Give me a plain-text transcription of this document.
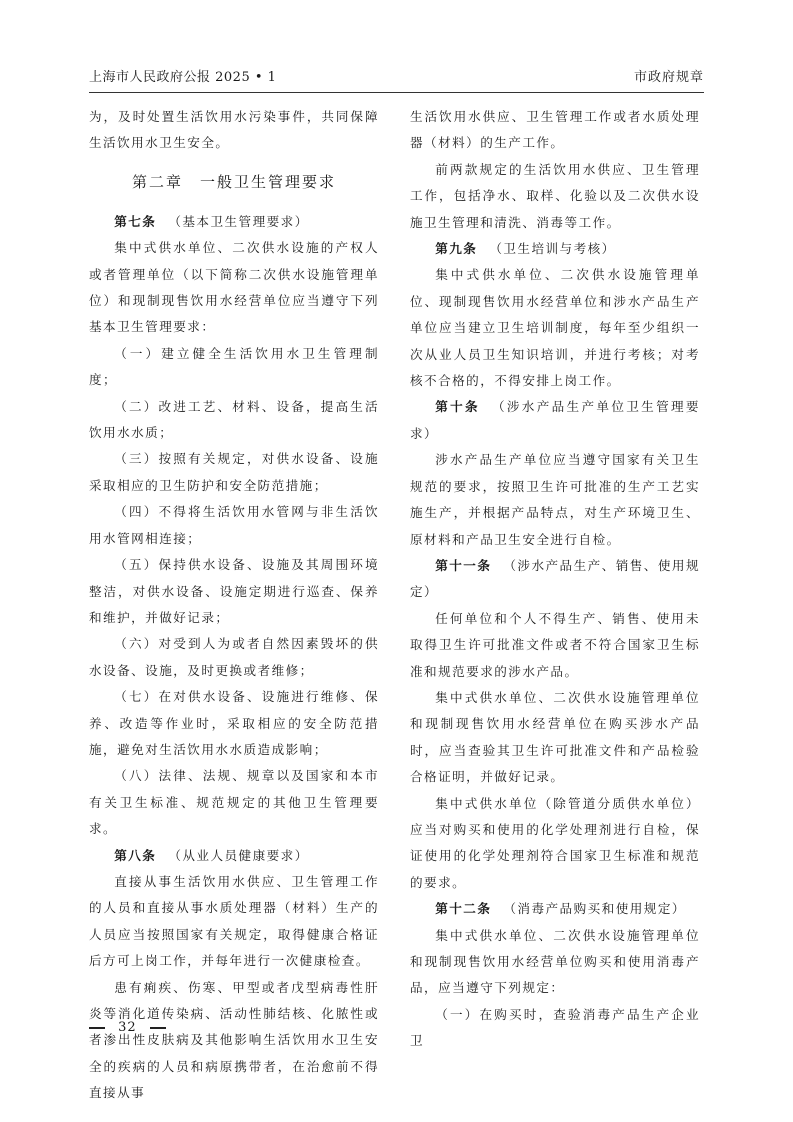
上海市人民政府公报 2025 • 1	市政府规章

为，及时处置生活饮用水污染事件，共同保障生活饮用水卫生安全。

第二章　一般卫生管理要求

第七条 （基本卫生管理要求）

集中式供水单位、二次供水设施的产权人或者管理单位（以下简称二次供水设施管理单位）和现制现售饮用水经营单位应当遵守下列基本卫生管理要求：

（一）建立健全生活饮用水卫生管理制度；

（二）改进工艺、材料、设备，提高生活饮用水水质；

（三）按照有关规定，对供水设备、设施采取相应的卫生防护和安全防范措施；

（四）不得将生活饮用水管网与非生活饮用水管网相连接；

（五）保持供水设备、设施及其周围环境整洁，对供水设备、设施定期进行巡查、保养和维护，并做好记录；

（六）对受到人为或者自然因素毁坏的供水设备、设施，及时更换或者维修；

（七）在对供水设备、设施进行维修、保养、改造等作业时，采取相应的安全防范措施，避免对生活饮用水水质造成影响；

（八）法律、法规、规章以及国家和本市有关卫生标准、规范规定的其他卫生管理要求。

第八条 （从业人员健康要求）

直接从事生活饮用水供应、卫生管理工作的人员和直接从事水质处理器（材料）生产的人员应当按照国家有关规定，取得健康合格证后方可上岗工作，并每年进行一次健康检查。

患有痢疾、伤寒、甲型或者戊型病毒性肝炎等消化道传染病、活动性肺结核、化脓性或者渗出性皮肤病及其他影响生活饮用水卫生安全的疾病的人员和病原携带者，在治愈前不得直接从事

生活饮用水供应、卫生管理工作或者水质处理器（材料）的生产工作。

前两款规定的生活饮用水供应、卫生管理工作，包括净水、取样、化验以及二次供水设施卫生管理和清洗、消毒等工作。

第九条 （卫生培训与考核）

集中式供水单位、二次供水设施管理单位、现制现售饮用水经营单位和涉水产品生产单位应当建立卫生培训制度，每年至少组织一次从业人员卫生知识培训，并进行考核；对考核不合格的，不得安排上岗工作。

第十条 （涉水产品生产单位卫生管理要求）

涉水产品生产单位应当遵守国家有关卫生规范的要求，按照卫生许可批准的生产工艺实施生产，并根据产品特点，对生产环境卫生、原材料和产品卫生安全进行自检。

第十一条 （涉水产品生产、销售、使用规定）

任何单位和个人不得生产、销售、使用未取得卫生许可批准文件或者不符合国家卫生标准和规范要求的涉水产品。

集中式供水单位、二次供水设施管理单位和现制现售饮用水经营单位在购买涉水产品时，应当查验其卫生许可批准文件和产品检验合格证明，并做好记录。

集中式供水单位（除管道分质供水单位）应当对购买和使用的化学处理剂进行自检，保证使用的化学处理剂符合国家卫生标准和规范的要求。

第十二条 （消毒产品购买和使用规定）

集中式供水单位、二次供水设施管理单位和现制现售饮用水经营单位购买和使用消毒产品，应当遵守下列规定：

（一）在购买时，查验消毒产品生产企业卫

32
